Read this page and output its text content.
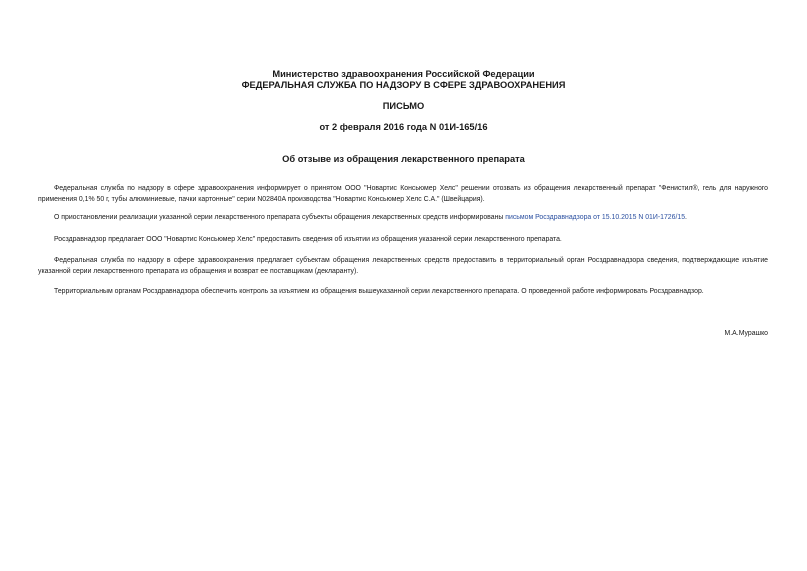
Министерство здравоохранения Российской Федерации
ФЕДЕРАЛЬНАЯ СЛУЖБА ПО НАДЗОРУ В СФЕРЕ ЗДРАВООХРАНЕНИЯ
ПИСЬМО
от 2 февраля 2016 года N 01И-165/16
Об отзыве из обращения лекарственного препарата

Федеральная служба по надзору в сфере здравоохранения информирует о принятом ООО "Новартис Консьюмер Хелс" решении отозвать из обращения лекарственный препарат "Фенистил®, гель для наружного применения 0,1% 50 г, тубы алюминиевые, пачки картонные" серии N02840A производства "Новартис Консьюмер Хелс С.А." (Швейцария).

О приостановлении реализации указанной серии лекарственного препарата субъекты обращения лекарственных средств информированы письмом Росздравнадзора от 15.10.2015 N 01И-1726/15.

Росздравнадзор предлагает ООО "Новартис Консьюмер Хелс" предоставить сведения об изъятии из обращения указанной серии лекарственного препарата.

Федеральная служба по надзору в сфере здравоохранения предлагает субъектам обращения лекарственных средств предоставить в территориальный орган Росздравнадзора сведения, подтверждающие изъятие указанной серии лекарственного препарата из обращения и возврат ее поставщикам (декларанту).

Территориальным органам Росздравнадзора обеспечить контроль за изъятием из обращения вышеуказанной серии лекарственного препарата. О проведенной работе информировать Росздравнадзор.

М.А.Мурашко
